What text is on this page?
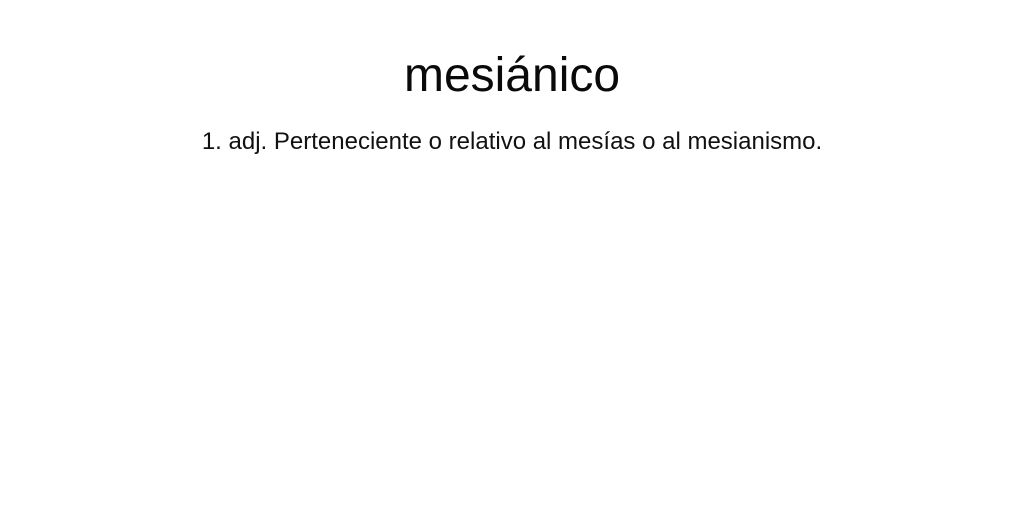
mesiánico
1. adj. Perteneciente o relativo al mesías o al mesianismo.
